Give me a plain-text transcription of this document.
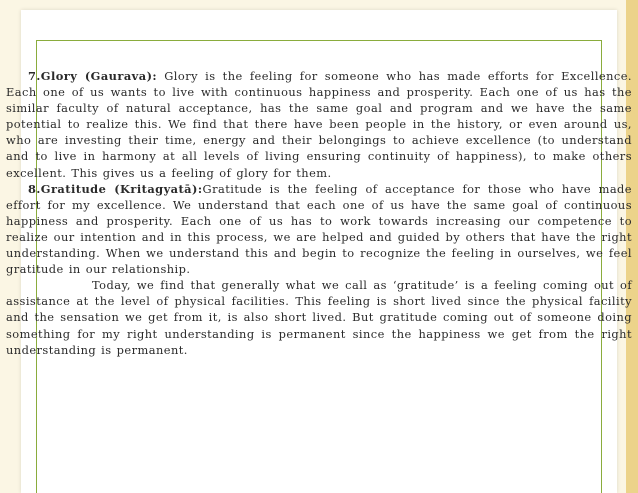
7.Glory (Gaurava): Glory is the feeling for someone who has made efforts for Excellence. Each one of us wants to live with continuous happiness and prosperity. Each one of us has the similar faculty of natural acceptance, has the same goal and program and we have the same potential to realize this. We find that there have been people in the history, or even around us, who are investing their time, energy and their belongings to achieve excellence (to understand and to live in harmony at all levels of living ensuring continuity of happiness), to make others excellent. This gives us a feeling of glory for them.

8.Gratitude (Kritagyatā):Gratitude is the feeling of acceptance for those who have made effort for my excellence. We understand that each one of us have the same goal of continuous happiness and prosperity. Each one of us has to work towards increasing our competence to realize our intention and in this process, we are helped and guided by others that have the right understanding. When we understand this and begin to recognize the feeling in ourselves, we feel gratitude in our relationship.

Today, we find that generally what we call as ‘gratitude’ is a feeling coming out of assistance at the level of physical facilities. This feeling is short lived since the physical facility and the sensation we get from it, is also short lived. But gratitude coming out of someone doing something for my right understanding is permanent since the happiness we get from the right understanding is permanent.
